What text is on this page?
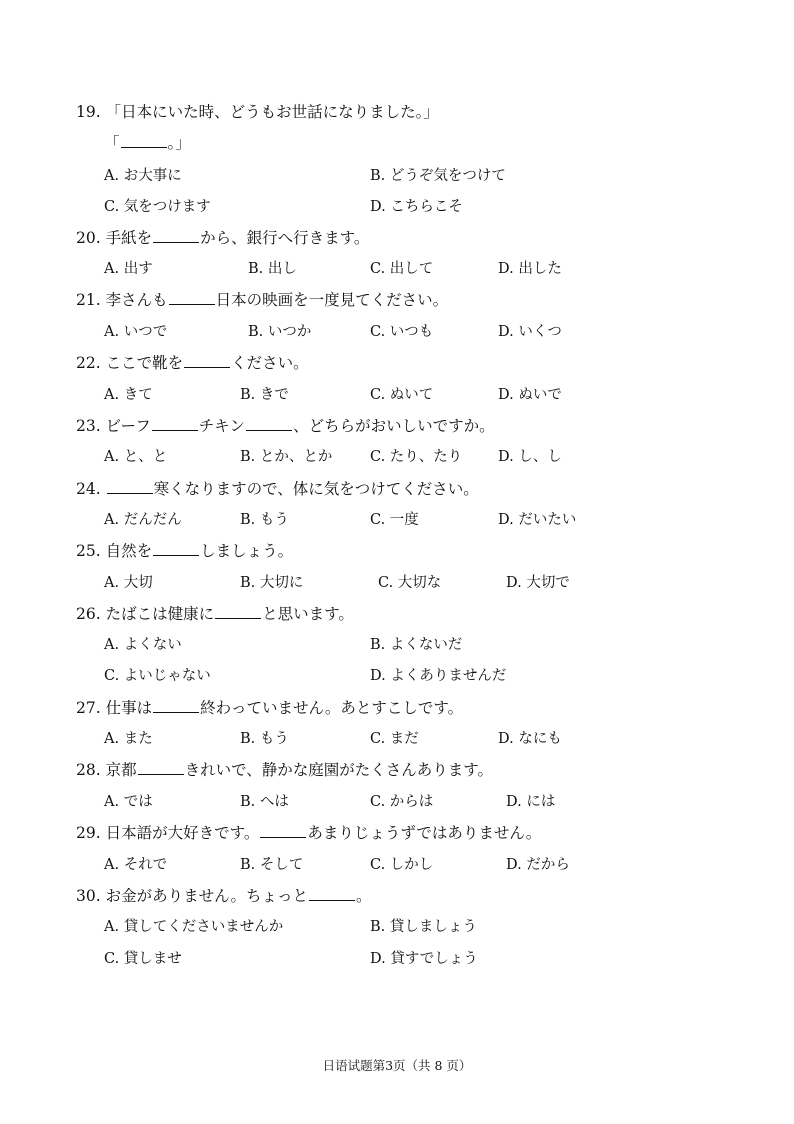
19. 「日本にいた時、どうもお世話になりました。」
「	。」
A. お大事に	B. どうぞ気をつけて
C. 気をつけます	D. こちらこそ
20. 手紙を	から、銀行へ行きます。
A. 出す	B. 出し	C. 出して	D. 出した
21. 李さんも	日本の映画を一度見てください。
A. いつで	B. いつか	C. いつも	D. いくつ
22. ここで靴を	ください。
A. きて	B. きで	C. ぬいて	D. ぬいで
23. ビーフ	チキン	、どちらがおいしいですか。
A. と、と	B. とか、とか	C. たり、たり D. し、し
24.	寒くなりますので、体に気をつけてください。
A. だんだん	B. もう	C. 一度	D. だいたい
25. 自然を	しましょう。
A. 大切	B. 大切に	C. 大切な	D. 大切で
26. たばこは健康に	と思います。
A. よくない	B. よくないだ
C. よいじゃない	D. よくありませんだ
27. 仕事は	終わっていません。あとすこしです。
A. また	B. もう	C. まだ	D. なにも
28. 京都	きれいで、静かな庭園がたくさんあります。
A. では	B. へは	C. からは	D. には
29. 日本語が大好きです。	あまりじょうずではありません。
A. それで	B. そして	C. しかし	D. だから
30. お金がありません。ちょっと	。
A. 貸してくださいませんか	B. 貸しましょう
C. 貸しませ	D. 貸すでしょう
日语试题第3页（共 8 页）
